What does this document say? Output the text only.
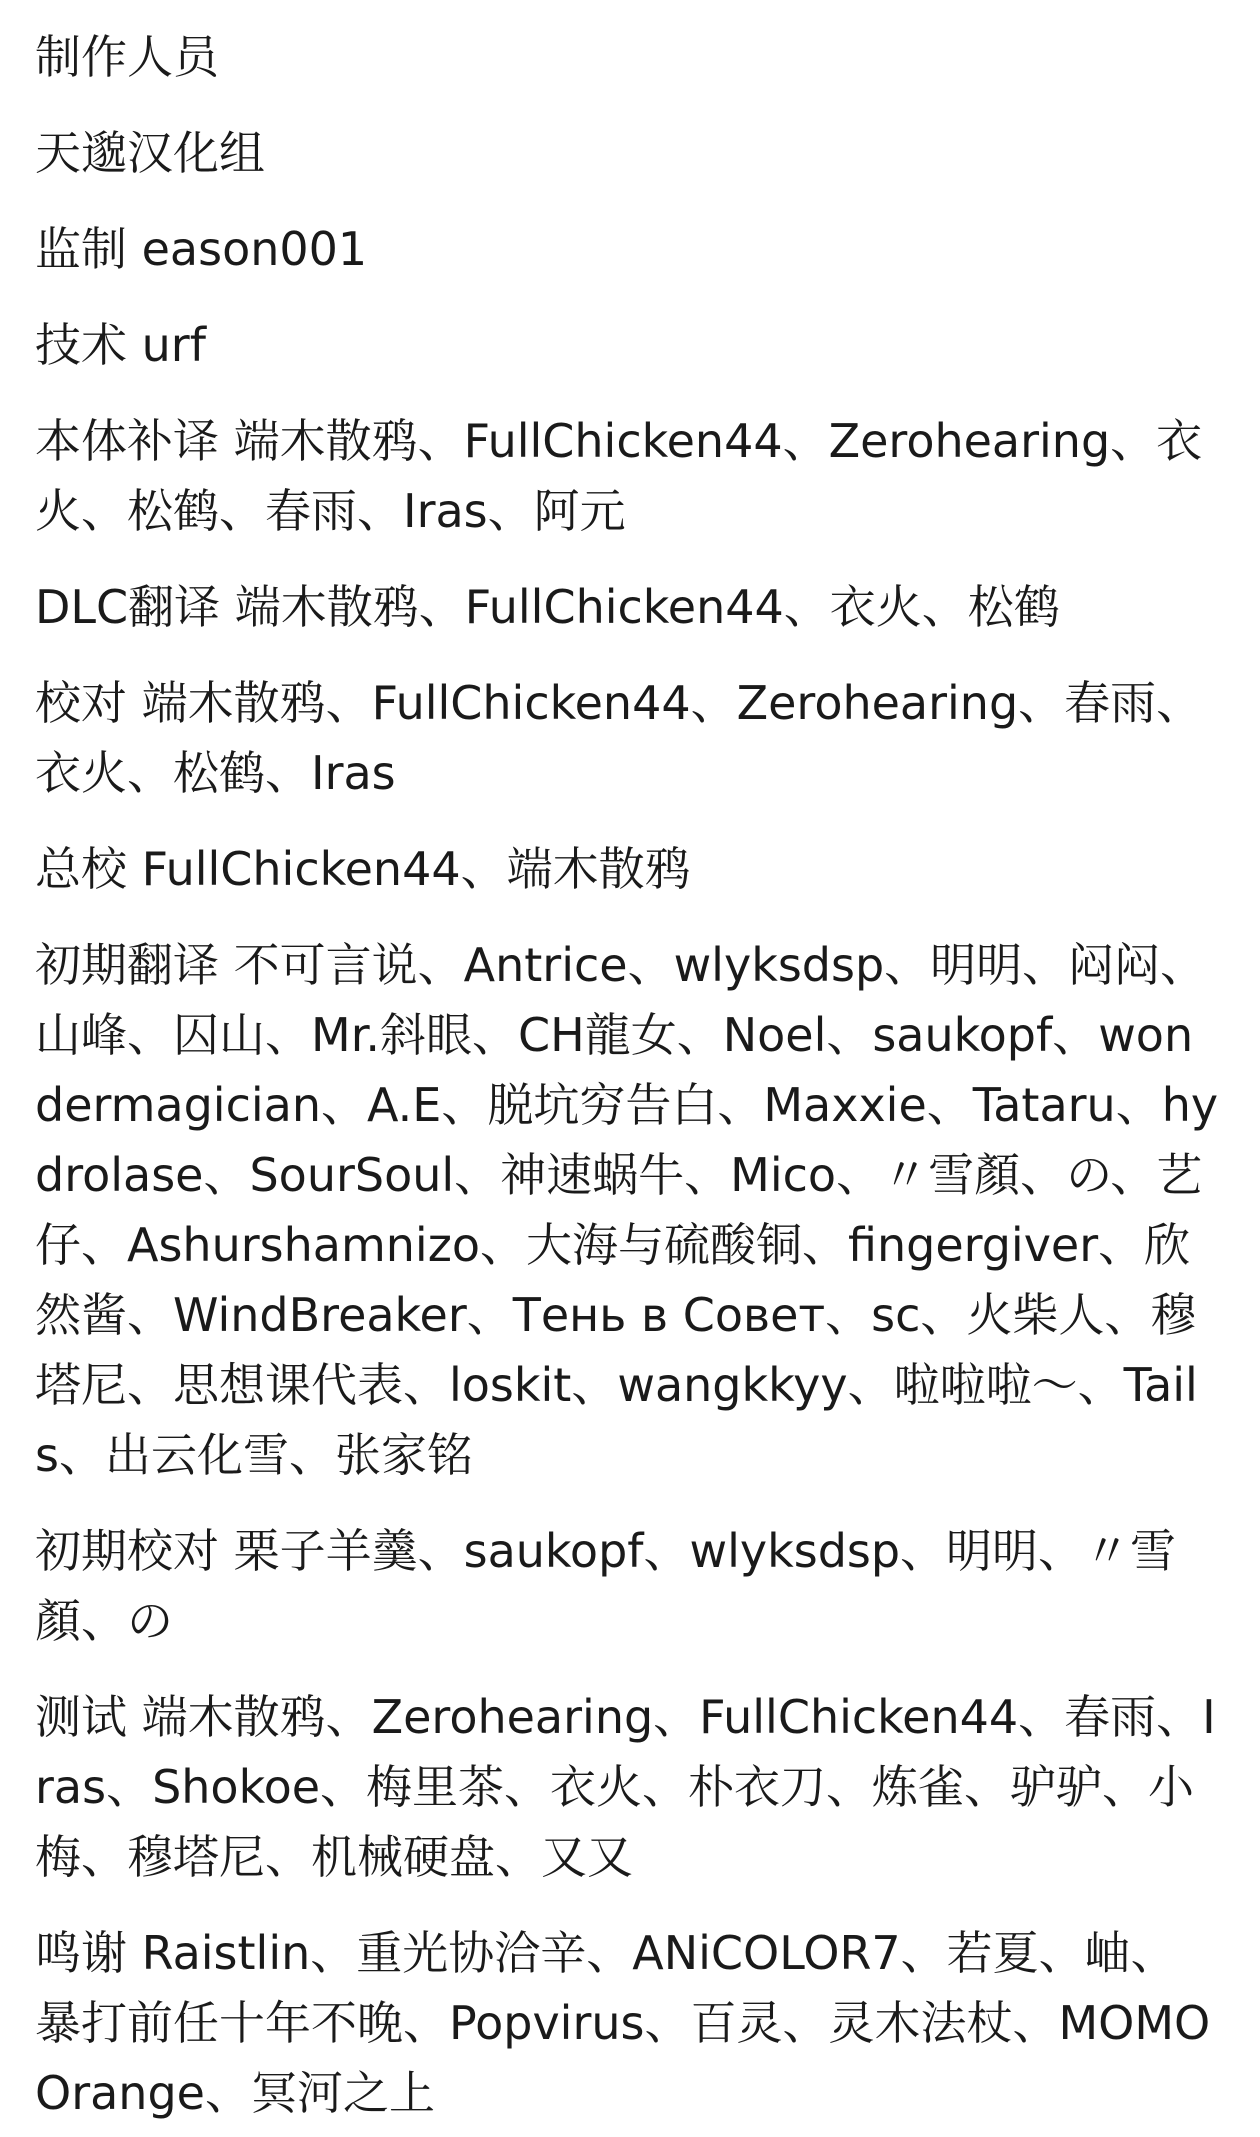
制作人员

天邈汉化组

监制 eason001

技术 urf

本体补译 端木散鸦、FullChicken44、Zerohearing、衣火、松鹤、春雨、Iras、阿元

DLC翻译 端木散鸦、FullChicken44、衣火、松鹤

校对 端木散鸦、FullChicken44、Zerohearing、春雨、衣火、松鹤、Iras

总校 FullChicken44、端木散鸦

初期翻译 不可言说、Antrice、wlyksdsp、明明、闷闷、山峰、囚山、Mr.斜眼、CH龍女、Noel、saukopf、wondermagician、A.E、脱坑穷告白、Maxxie、Tataru、hydrolase、SourSoul、神速蜗牛、Mico、〃雪顏、の、艺仔、Ashurshamnizo、大海与硫酸铜、fingergiver、欣然酱、WindBreaker、Тень в Совет、sc、火柴人、穆塔尼、思想课代表、loskit、wangkkyy、啦啦啦～、Tails、出云化雪、张家铭

初期校对 栗子羊羹、saukopf、wlyksdsp、明明、〃雪顏、の

测试 端木散鸦、Zerohearing、FullChicken44、春雨、Iras、Shokoe、梅里茶、衣火、朴衣刀、炼雀、驴驴、小梅、穆塔尼、机械硬盘、又又

鸣谢 Raistlin、重光协洽辛、ANiCOLOR7、若夏、岫、暴打前任十年不晚、Popvirus、百灵、灵木法杖、MOMO Orange、冥河之上
